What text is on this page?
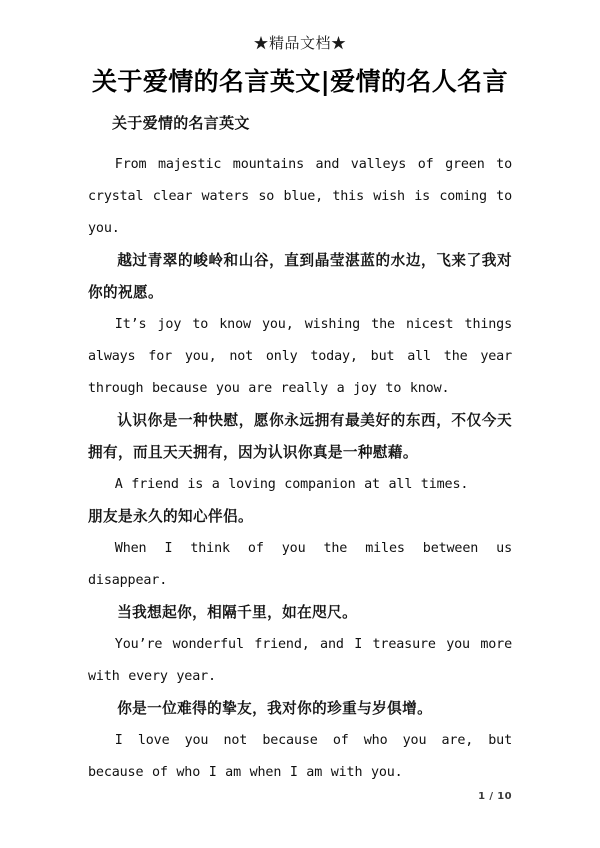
★精品文档★
关于爱情的名言英文|爱情的名人名言
关于爱情的名言英文

From majestic mountains and valleys of green to crystal clear waters so blue, this wish is coming to you.

越过青翠的峻岭和山谷，直到晶莹湛蓝的水边，飞来了我对你的祝愿。

It’s joy to know you, wishing the nicest things always for you, not only today, but all the year through because you are really a joy to know.

认识你是一种快慰，愿你永远拥有最美好的东西，不仅今天拥有，而且天天拥有，因为认识你真是一种慰藉。

A friend is a loving companion at all times.

朋友是永久的知心伴侣。

When I think of you the miles between us disappear.

当我想起你，相隔千里，如在咫尺。

You’re wonderful friend, and I treasure you more with every year.

你是一位难得的挚友，我对你的珍重与岁俱增。

I love you not because of who you are, but because of who I am when I am with you.

1 / 10
